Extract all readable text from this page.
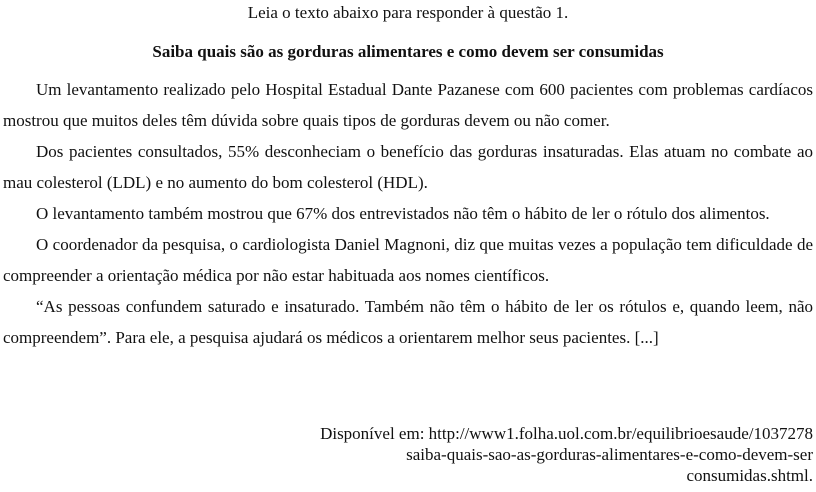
Leia o texto abaixo para responder à questão 1.

Saiba quais são as gorduras alimentares e como devem ser consumidas

Um levantamento realizado pelo Hospital Estadual Dante Pazanese com 600 pacientes com problemas cardíacos mostrou que muitos deles têm dúvida sobre quais tipos de gorduras devem ou não comer.

Dos pacientes consultados, 55% desconheciam o benefício das gorduras insaturadas. Elas atuam no combate ao mau colesterol (LDL) e no aumento do bom colesterol (HDL).

O levantamento também mostrou que 67% dos entrevistados não têm o hábito de ler o rótulo dos alimentos.

O coordenador da pesquisa, o cardiologista Daniel Magnoni, diz que muitas vezes a população tem dificuldade de compreender a orientação médica por não estar habituada aos nomes científicos.

“As pessoas confundem saturado e insaturado. Também não têm o hábito de ler os rótulos e, quando leem, não compreendem”. Para ele, a pesquisa ajudará os médicos a orientarem melhor seus pacientes. [...]

Disponível em: http://www1.folha.uol.com.br/equilibrioesaude/1037278
saiba-quais-sao-as-gorduras-alimentares-e-como-devem-ser
consumidas.shtml.
